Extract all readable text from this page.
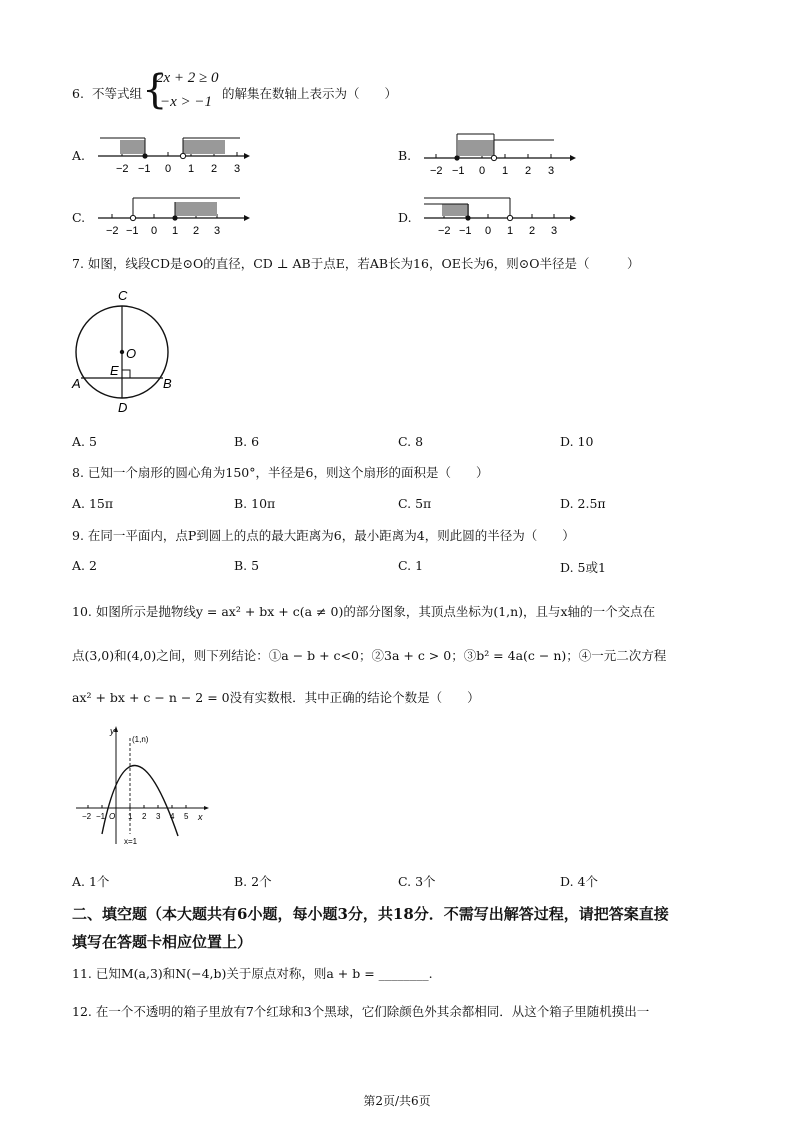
6. 不等式组 {
2x + 2 ≥ 0
−x > −1
的解集在数轴上表示为（　　）
A.	B.
C.	D.
−2 −1 0 1 2 3	−2 −1 0 1 2 3
−2 −1 0 1 2 3	−2 −1 0 1 2 3
7. 如图，线段CD是⊙O的直径，CD ⊥ AB于点E，若AB长为16，OE长为6，则⊙O半径是（　　　）
C
O
E
A	B
D
A. 5	B. 6	C. 8	D. 10
8. 已知一个扇形的圆心角为150°，半径是6，则这个扇形的面积是（　　）
A. 15π	B. 10π	C. 5π	D. 2.5π
9. 在同一平面内，点P到圆上的点的最大距离为6，最小距离为4，则此圆的半径为（　　）
A. 2	B. 5	C. 1	D. 5或1
10. 如图所示是抛物线y = ax² + bx + c(a ≠ 0)的部分图象，其顶点坐标为(1,n)，且与x轴的一个交点在
点(3,0)和(4,0)之间，则下列结论：①a − b + c<0；②3a + c > 0；③b² = 4a(c − n)；④一元二次方程
ax² + bx + c − n − 2 = 0没有实数根．其中正确的结论个数是（　　）
y
x
(1,n)
x=1
−2 −1 O 1 2 3 4 5
A. 1个	B. 2个	C. 3个	D. 4个
二、填空题（本大题共有6小题，每小题3分，共18分．不需写出解答过程，请把答案直接
填写在答题卡相应位置上）
11. 已知M(a,3)和N(−4,b)关于原点对称，则a + b = ________.
12. 在一个不透明的箱子里放有7个红球和3个黑球，它们除颜色外其余都相同．从这个箱子里随机摸出一
第2页/共6页
